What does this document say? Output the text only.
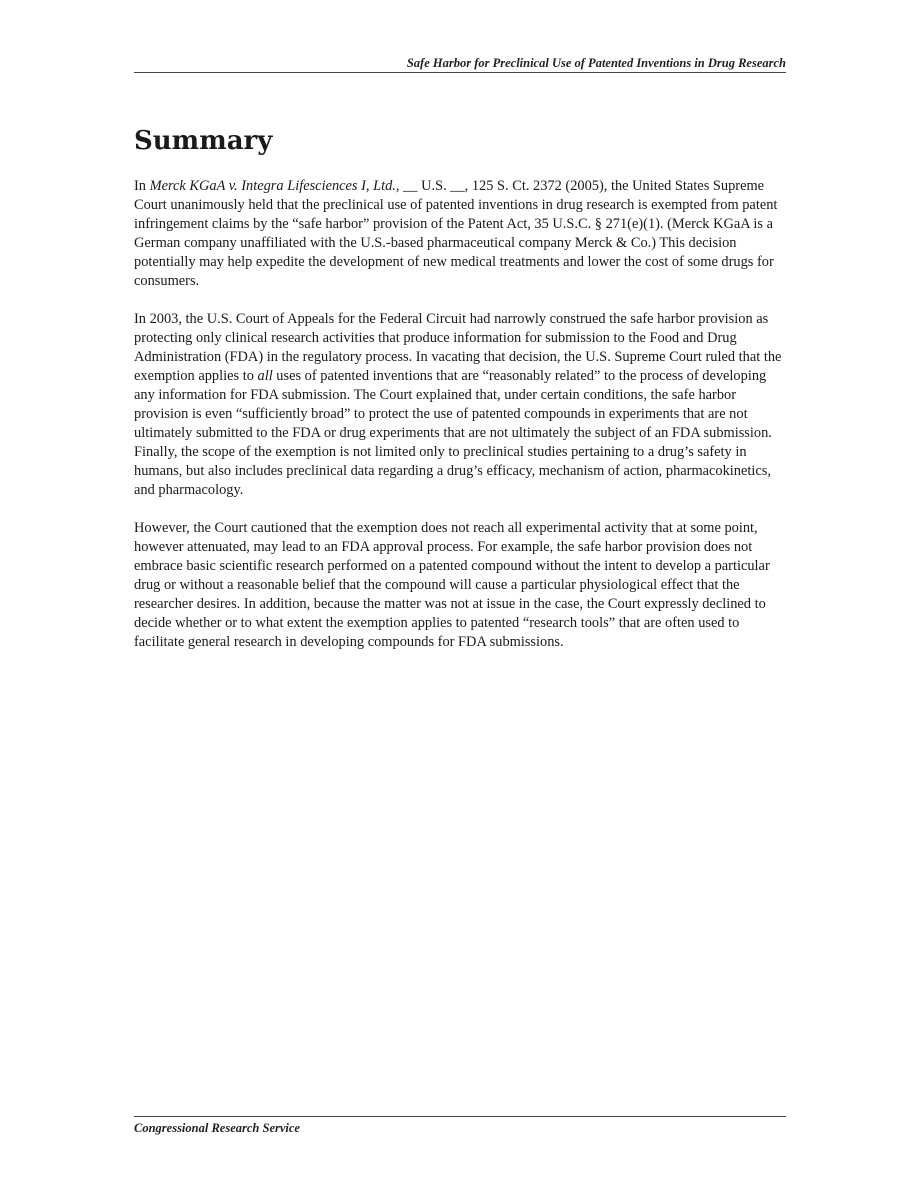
Safe Harbor for Preclinical Use of Patented Inventions in Drug Research
Summary

In Merck KGaA v. Integra Lifesciences I, Ltd., __ U.S. __, 125 S. Ct. 2372 (2005), the United States Supreme Court unanimously held that the preclinical use of patented inventions in drug research is exempted from patent infringement claims by the “safe harbor” provision of the Patent Act, 35 U.S.C. § 271(e)(1). (Merck KGaA is a German company unaffiliated with the U.S.-based pharmaceutical company Merck & Co.) This decision potentially may help expedite the development of new medical treatments and lower the cost of some drugs for consumers.

In 2003, the U.S. Court of Appeals for the Federal Circuit had narrowly construed the safe harbor provision as protecting only clinical research activities that produce information for submission to the Food and Drug Administration (FDA) in the regulatory process. In vacating that decision, the U.S. Supreme Court ruled that the exemption applies to all uses of patented inventions that are “reasonably related” to the process of developing any information for FDA submission. The Court explained that, under certain conditions, the safe harbor provision is even “sufficiently broad” to protect the use of patented compounds in experiments that are not ultimately submitted to the FDA or drug experiments that are not ultimately the subject of an FDA submission. Finally, the scope of the exemption is not limited only to preclinical studies pertaining to a drug’s safety in humans, but also includes preclinical data regarding a drug’s efficacy, mechanism of action, pharmacokinetics, and pharmacology.

However, the Court cautioned that the exemption does not reach all experimental activity that at some point, however attenuated, may lead to an FDA approval process. For example, the safe harbor provision does not embrace basic scientific research performed on a patented compound without the intent to develop a particular drug or without a reasonable belief that the compound will cause a particular physiological effect that the researcher desires. In addition, because the matter was not at issue in the case, the Court expressly declined to decide whether or to what extent the exemption applies to patented “research tools” that are often used to facilitate general research in developing compounds for FDA submissions.

Congressional Research Service
